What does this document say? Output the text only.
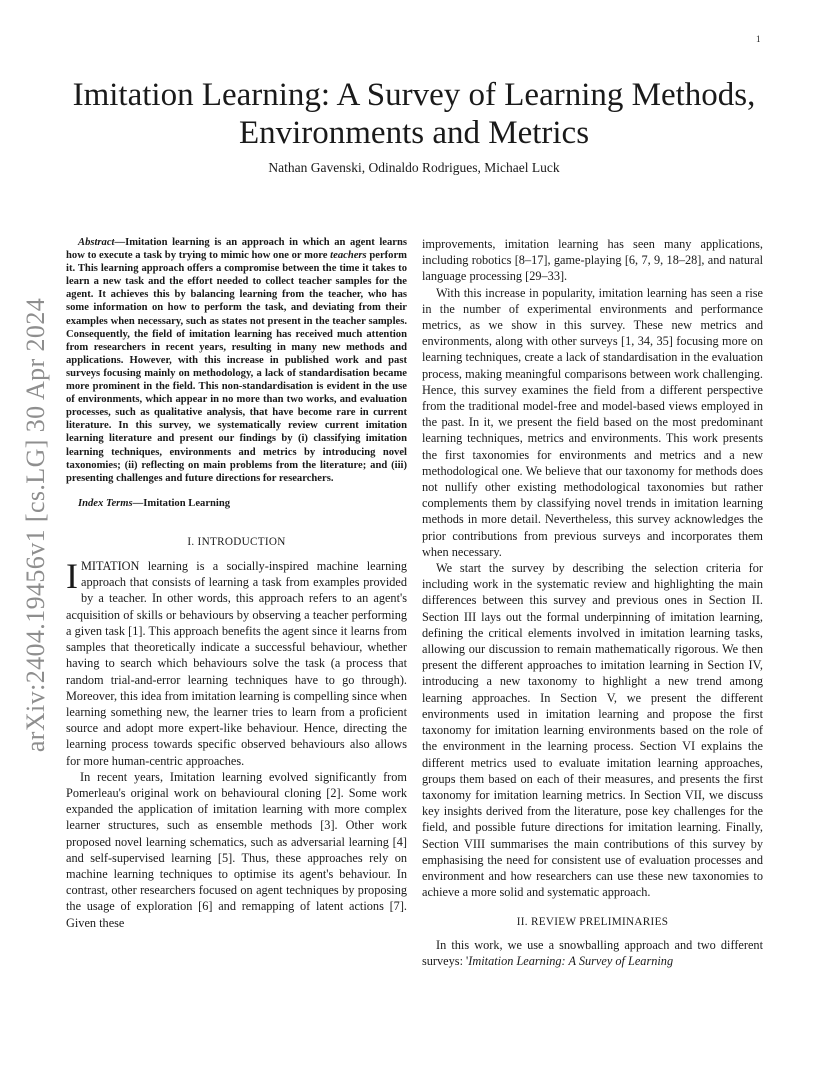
1
arXiv:2404.19456v1 [cs.LG] 30 Apr 2024
Imitation Learning: A Survey of Learning Methods, Environments and Metrics

Nathan Gavenski, Odinaldo Rodrigues, Michael Luck

Abstract—Imitation learning is an approach in which an agent learns how to execute a task by trying to mimic how one or more teachers perform it. This learning approach offers a compromise between the time it takes to learn a new task and the effort needed to collect teacher samples for the agent. It achieves this by balancing learning from the teacher, who has some information on how to perform the task, and deviating from their examples when necessary, such as states not present in the teacher samples. Consequently, the field of imitation learning has received much attention from researchers in recent years, resulting in many new methods and applications. However, with this increase in published work and past surveys focusing mainly on methodology, a lack of standardisation became more prominent in the field. This non-standardisation is evident in the use of environments, which appear in no more than two works, and evaluation processes, such as qualitative analysis, that have become rare in current literature. In this survey, we systematically review current imitation learning literature and present our findings by (i) classifying imitation learning techniques, environments and metrics by introducing novel taxonomies; (ii) reflecting on main problems from the literature; and (iii) presenting challenges and future directions for researchers.

Index Terms—Imitation Learning

I. INTRODUCTION

IMITATION learning is a socially-inspired machine learning approach that consists of learning a task from examples provided by a teacher. In other words, this approach refers to an agent's acquisition of skills or behaviours by observing a teacher performing a given task [1]. This approach benefits the agent since it learns from samples that theoretically indicate a successful behaviour, whether having to search which behaviours solve the task (a process that random trial-and-error learning techniques have to go through). Moreover, this idea from imitation learning is compelling since when learning something new, the learner tries to learn from a proficient source and adopt more expert-like behaviour. Hence, directing the learning process towards specific observed behaviours also allows for more human-centric approaches.

In recent years, Imitation learning evolved significantly from Pomerleau's original work on behavioural cloning [2]. Some work expanded the application of imitation learning with more complex learner structures, such as ensemble methods [3]. Other work proposed novel learning schematics, such as adversarial learning [4] and self-supervised learning [5]. Thus, these approaches rely on machine learning techniques to optimise its agent's behaviour. In contrast, other researchers focused on agent techniques by proposing the usage of exploration [6] and remapping of latent actions [7]. Given these

improvements, imitation learning has seen many applications, including robotics [8–17], game-playing [6, 7, 9, 18–28], and natural language processing [29–33].

With this increase in popularity, imitation learning has seen a rise in the number of experimental environments and performance metrics, as we show in this survey. These new metrics and environments, along with other surveys [1, 34, 35] focusing more on learning techniques, create a lack of standardisation in the evaluation process, making meaningful comparisons between work challenging. Hence, this survey examines the field from a different perspective from the traditional model-free and model-based views employed in the past. In it, we present the field based on the most predominant learning techniques, metrics and environments. This work presents the first taxonomies for environments and metrics and a new methodological one. We believe that our taxonomy for methods does not nullify other existing methodological taxonomies but rather complements them by classifying novel trends in imitation learning methods in more detail. Nevertheless, this survey acknowledges the prior contributions from previous surveys and incorporates them when necessary.

We start the survey by describing the selection criteria for including work in the systematic review and highlighting the main differences between this survey and previous ones in Section II. Section III lays out the formal underpinning of imitation learning, defining the critical elements involved in imitation learning tasks, allowing our discussion to remain mathematically rigorous. We then present the different approaches to imitation learning in Section IV, introducing a new taxonomy to highlight a new trend among learning approaches. In Section V, we present the different environments used in imitation learning and propose the first taxonomy for imitation learning environments based on the role of the environment in the learning process. Section VI explains the different metrics used to evaluate imitation learning approaches, groups them based on each of their measures, and presents the first taxonomy for imitation learning metrics. In Section VII, we discuss key insights derived from the literature, pose key challenges for the field, and possible future directions for imitation learning. Finally, Section VIII summarises the main contributions of this survey by emphasising the need for consistent use of evaluation processes and environment and how researchers can use these new taxonomies to achieve a more solid and systematic approach.

II. REVIEW PRELIMINARIES

In this work, we use a snowballing approach and two different surveys: 'Imitation Learning: A Survey of Learning
